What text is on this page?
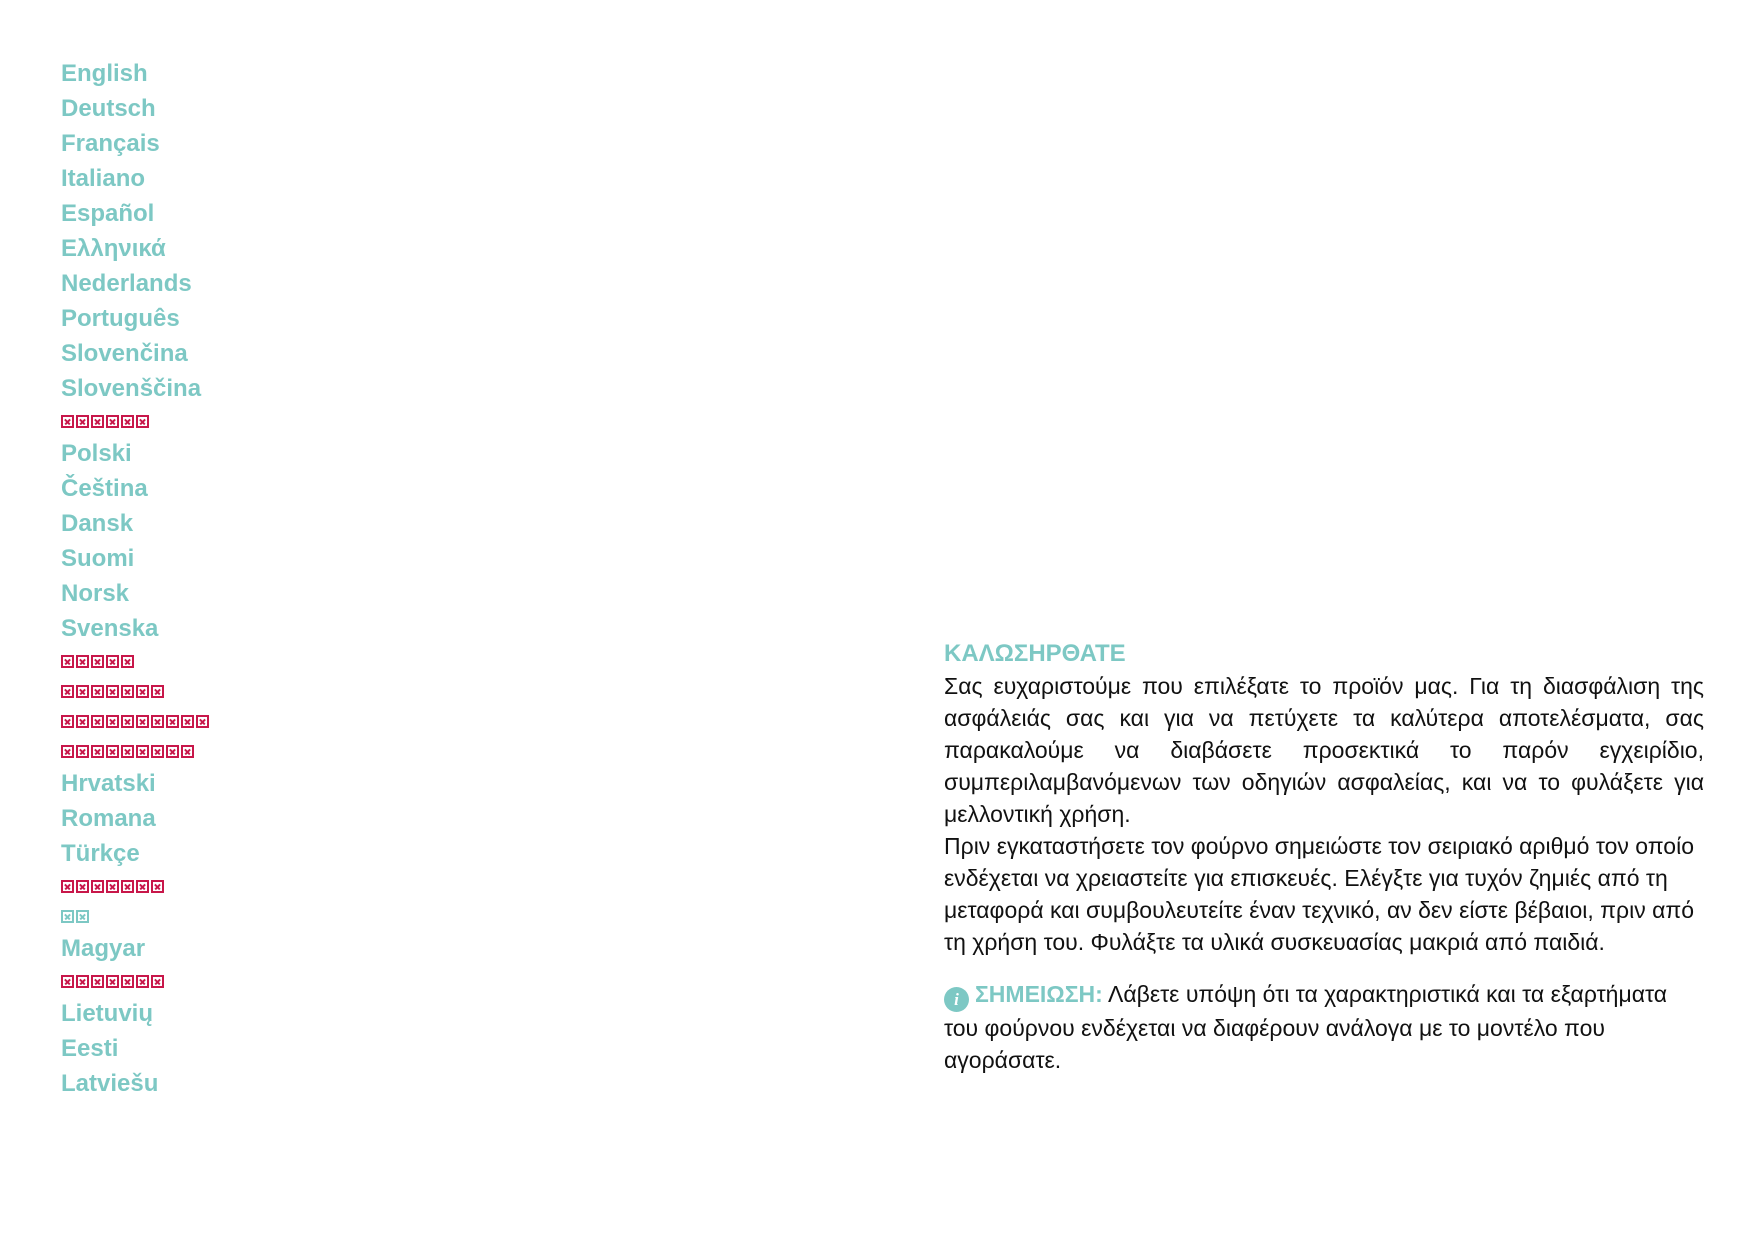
English
Deutsch
Français
Italiano
Español
Ελληνικά
Nederlands
Português
Slovenčina
Slovenščina
Polski
Čeština
Dansk
Suomi
Norsk
Svenska
Hrvatski
Romana
Türkçe
Magyar
Lietuvių
Eesti
Latviešu
ΚΑΛΩΣΗΡΘΑΤΕ

Σας ευχαριστούμε που επιλέξατε το προϊόν μας. Για τη διασφάλιση της ασφάλειάς σας και για να πετύχετε τα καλύτερα αποτελέσματα, σας παρακαλούμε να διαβάσετε προσεκτικά το παρόν εγχειρίδιο, συμπεριλαμβανόμενων των οδηγιών ασφαλείας, και να το φυλάξετε για μελλοντική χρήση.

Πριν εγκαταστήσετε τον φούρνο σημειώστε τον σειριακό αριθμό τον οποίο ενδέχεται να χρειαστείτε για επισκευές. Ελέγξτε για τυχόν ζημιές από τη μεταφορά και συμβουλευτείτε έναν τεχνικό, αν δεν είστε βέβαιοι, πριν από τη χρήση του. Φυλάξτε τα υλικά συσκευασίας μακριά από παιδιά.

i ΣΗΜΕΙΩΣΗ: Λάβετε υπόψη ότι τα χαρακτηριστικά και τα εξαρτήματα του φούρνου ενδέχεται να διαφέρουν ανάλογα με το μοντέλο που αγοράσατε.
